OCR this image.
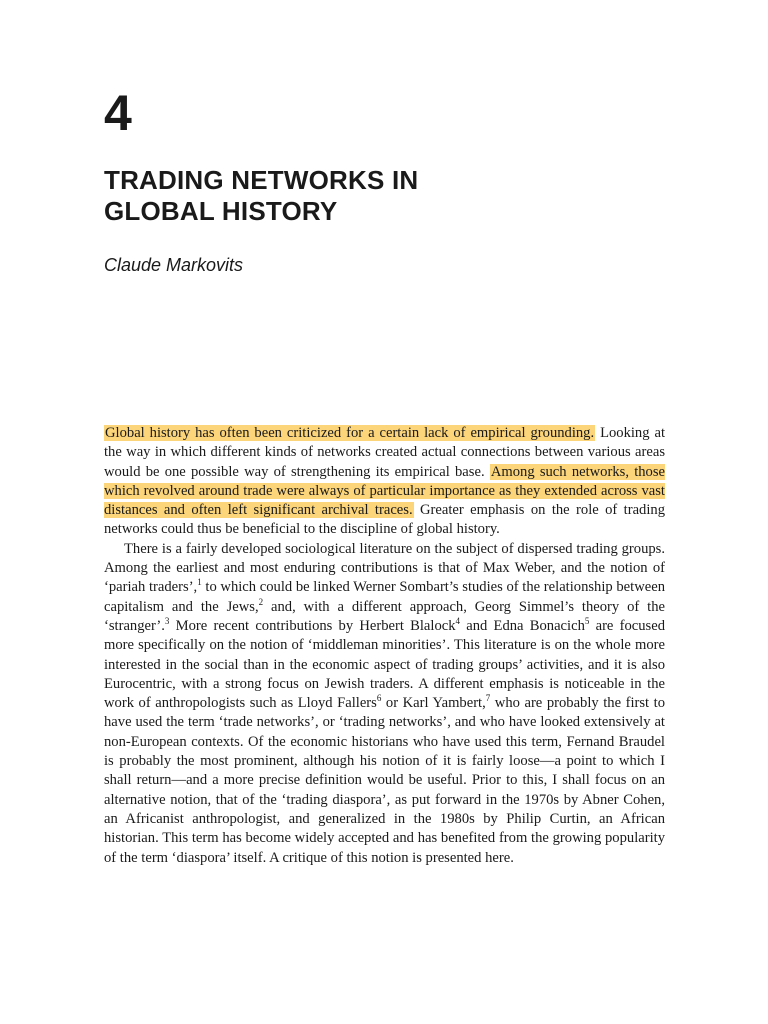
4
TRADING NETWORKS IN
GLOBAL HISTORY

Claude Markovits

Global history has often been criticized for a certain lack of empirical grounding. Looking at the way in which different kinds of networks created actual connections between various areas would be one possible way of strengthening its empirical base. Among such networks, those which revolved around trade were always of particular importance as they extended across vast distances and often left significant archival traces. Greater emphasis on the role of trading networks could thus be beneficial to the discipline of global history.

There is a fairly developed sociological literature on the subject of dispersed trading groups. Among the earliest and most enduring contributions is that of Max Weber, and the notion of ‘pariah traders’,$^1$ to which could be linked Werner Sombart’s studies of the relationship between capitalism and the Jews,$^2$ and, with a different approach, Georg Simmel’s theory of the ‘stranger’.$^3$ More recent contributions by Herbert Blalock$^4$ and Edna Bonacich$^5$ are focused more specifically on the notion of ‘middleman minorities’. This literature is on the whole more interested in the social than in the economic aspect of trading groups’ activities, and it is also Eurocentric, with a strong focus on Jewish traders. A different emphasis is noticeable in the work of anthropologists such as Lloyd Fallers$^6$ or Karl Yambert,$^7$ who are probably the first to have used the term ‘trade networks’, or ‘trading networks’, and who have looked extensively at non-European contexts. Of the economic historians who have used this term, Fernand Braudel is probably the most prominent, although his notion of it is fairly loose—a point to which I shall return—and a more precise definition would be useful. Prior to this, I shall focus on an alternative notion, that of the ‘trading diaspora’, as put forward in the 1970s by Abner Cohen, an Africanist anthropologist, and generalized in the 1980s by Philip Curtin, an African historian. This term has become widely accepted and has benefited from the growing popularity of the term ‘diaspora’ itself. A critique of this notion is presented here.
